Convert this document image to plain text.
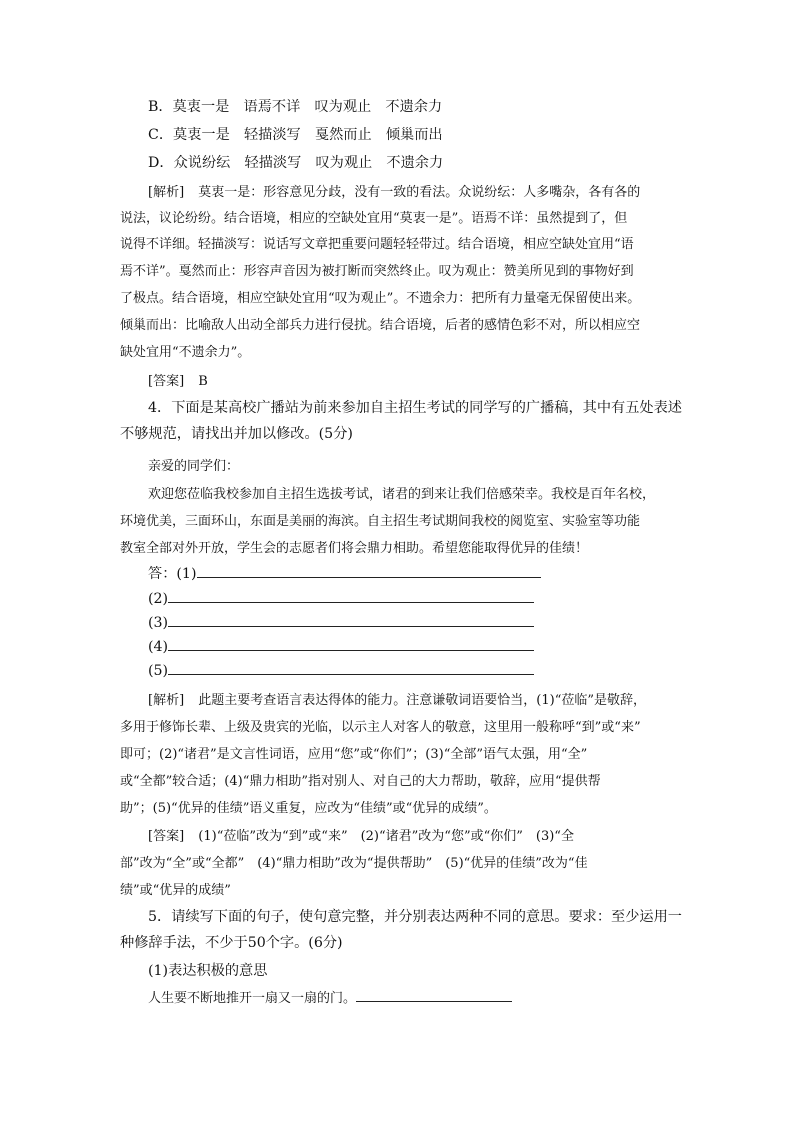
B．莫衷一是　语焉不详　叹为观止　不遗余力
C．莫衷一是　轻描淡写　戛然而止　倾巢而出
D．众说纷纭　轻描淡写　叹为观止　不遗余力
[解析] 莫衷一是：形容意见分歧，没有一致的看法。众说纷纭：人多嘴杂，各有各的
说法，议论纷纷。结合语境，相应的空缺处宜用“莫衷一是”。语焉不详：虽然提到了，但
说得不详细。轻描淡写：说话写文章把重要问题轻轻带过。结合语境，相应空缺处宜用“语
焉不详”。戛然而止：形容声音因为被打断而突然终止。叹为观止：赞美所见到的事物好到
了极点。结合语境，相应空缺处宜用“叹为观止”。不遗余力：把所有力量毫无保留使出来。
倾巢而出：比喻敌人出动全部兵力进行侵扰。结合语境，后者的感情色彩不对，所以相应空
缺处宜用“不遗余力”。
[答案] B
4．下面是某高校广播站为前来参加自主招生考试的同学写的广播稿，其中有五处表述
不够规范，请找出并加以修改。(5分)
亲爱的同学们：
欢迎您莅临我校参加自主招生选拔考试，诸君的到来让我们倍感荣幸。我校是百年名校，
环境优美，三面环山，东面是美丽的海滨。自主招生考试期间我校的阅览室、实验室等功能
教室全部对外开放，学生会的志愿者们将会鼎力相助。希望您能取得优异的佳绩！
答：(1)
(2)
(3)
(4)
(5)
[解析] 此题主要考查语言表达得体的能力。注意谦敬词语要恰当，(1)“莅临”是敬辞，
多用于修饰长辈、上级及贵宾的光临，以示主人对客人的敬意，这里用一般称呼“到”或“来”
即可；(2)“诸君”是文言性词语，应用“您”或“你们”；(3)“全部”语气太强，用“全”
或“全都”较合适；(4)“鼎力相助”指对别人、对自己的大力帮助，敬辞，应用“提供帮
助”；(5)“优异的佳绩”语义重复，应改为“佳绩”或“优异的成绩”。
[答案] (1)“莅临”改为“到”或“来”　(2)“诸君”改为“您”或“你们”　(3)“全
部”改为“全”或“全都”　(4)“鼎力相助”改为“提供帮助”　(5)“优异的佳绩”改为“佳
绩”或“优异的成绩”
5．请续写下面的句子，使句意完整，并分别表达两种不同的意思。要求：至少运用一
种修辞手法，不少于50个字。(6分)
(1)表达积极的意思
人生要不断地推开一扇又一扇的门。
